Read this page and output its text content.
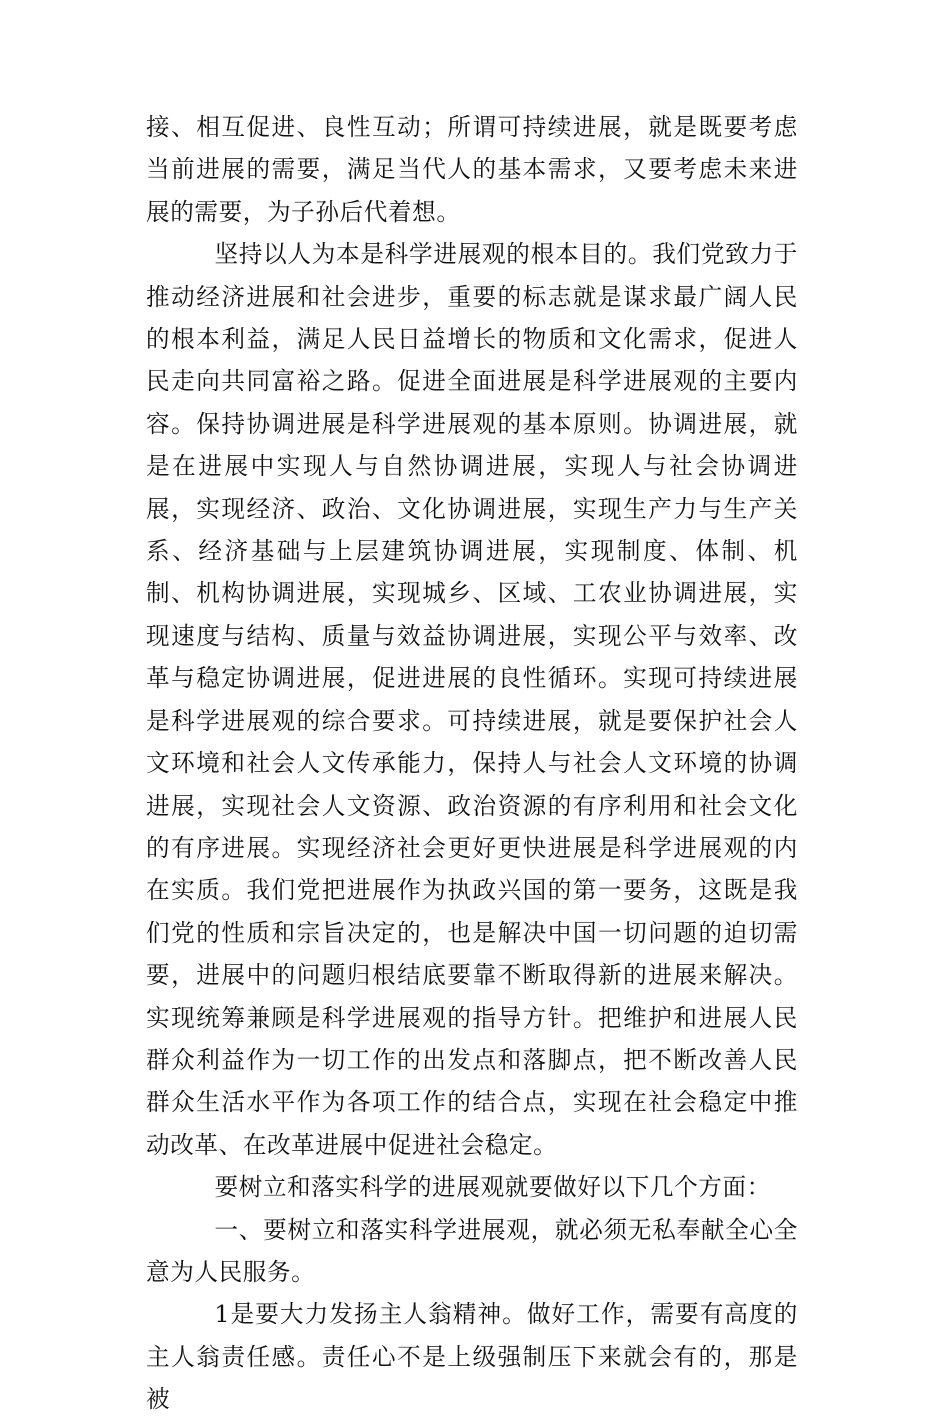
接、相互促进、良性互动；所谓可持续进展，就是既要考虑当前进展的需要，满足当代人的基本需求，又要考虑未来进展的需要，为子孙后代着想。

坚持以人为本是科学进展观的根本目的。我们党致力于推动经济进展和社会进步，重要的标志就是谋求最广阔人民的根本利益，满足人民日益增长的物质和文化需求，促进人民走向共同富裕之路。促进全面进展是科学进展观的主要内容。保持协调进展是科学进展观的基本原则。协调进展，就是在进展中实现人与自然协调进展，实现人与社会协调进展，实现经济、政治、文化协调进展，实现生产力与生产关系、经济基础与上层建筑协调进展，实现制度、体制、机制、机构协调进展，实现城乡、区域、工农业协调进展，实现速度与结构、质量与效益协调进展，实现公平与效率、改革与稳定协调进展，促进进展的良性循环。实现可持续进展是科学进展观的综合要求。可持续进展，就是要保护社会人文环境和社会人文传承能力，保持人与社会人文环境的协调进展，实现社会人文资源、政治资源的有序利用和社会文化的有序进展。实现经济社会更好更快进展是科学进展观的内在实质。我们党把进展作为执政兴国的第一要务，这既是我们党的性质和宗旨决定的，也是解决中国一切问题的迫切需要，进展中的问题归根结底要靠不断取得新的进展来解决。实现统筹兼顾是科学进展观的指导方针。把维护和进展人民群众利益作为一切工作的出发点和落脚点，把不断改善人民群众生活水平作为各项工作的结合点，实现在社会稳定中推动改革、在改革进展中促进社会稳定。

要树立和落实科学的进展观就要做好以下几个方面：

一、要树立和落实科学进展观，就必须无私奉献全心全意为人民服务。

1是要大力发扬主人翁精神。做好工作，需要有高度的主人翁责任感。责任心不是上级强制压下来就会有的，那是被
